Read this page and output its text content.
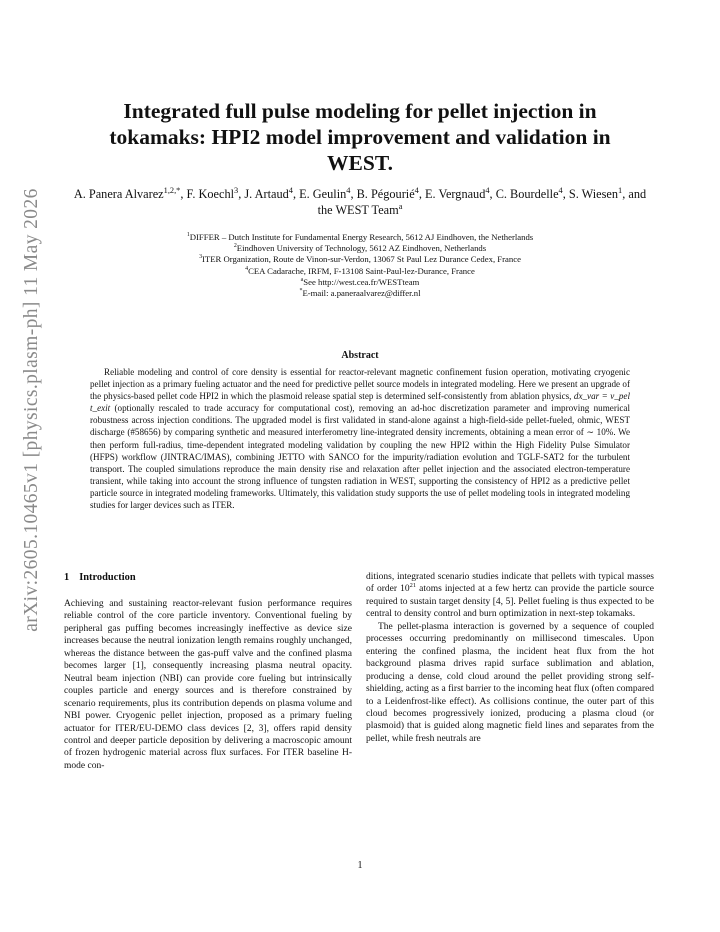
arXiv:2605.10465v1 [physics.plasm-ph] 11 May 2026
Integrated full pulse modeling for pellet injection in tokamaks: HPI2 model improvement and validation in WEST.
A. Panera Alvarez$^{1,2,*}$, F. Koechl$^3$, J. Artaud$^4$, E. Geulin$^4$, B. Pégourié$^4$, E. Vergnaud$^4$, C. Bourdelle$^4$, S. Wiesen$^1$, and the WEST Team$^a$
$^1$DIFFER – Dutch Institute for Fundamental Energy Research, 5612 AJ Eindhoven, the Netherlands
$^2$Eindhoven University of Technology, 5612 AZ Eindhoven, Netherlands
$^3$ITER Organization, Route de Vinon-sur-Verdon, 13067 St Paul Lez Durance Cedex, France
$^4$CEA Cadarache, IRFM, F-13108 Saint-Paul-lez-Durance, France
$^a$See http://west.cea.fr/WESTteam
*E-mail: a.paneraalvarez@differ.nl
Abstract
Reliable modeling and control of core density is essential for reactor-relevant magnetic confinement fusion operation, motivating cryogenic pellet injection as a primary fueling actuator and the need for predictive pellet source models in integrated modeling. Here we present an upgrade of the physics-based pellet code HPI2 in which the plasmoid release spatial step is determined self-consistently from ablation physics, dx_var = v_pel t_exit (optionally rescaled to trade accuracy for computational cost), removing an ad-hoc discretization parameter and improving numerical robustness across injection conditions. The upgraded model is first validated in stand-alone against a high-field-side pellet-fueled, ohmic, WEST discharge (#58656) by comparing synthetic and measured interferometry line-integrated density increments, obtaining a mean error of ∼ 10%. We then perform full-radius, time-dependent integrated modeling validation by coupling the new HPI2 within the High Fidelity Pulse Simulator (HFPS) workflow (JINTRAC/IMAS), combining JETTO with SANCO for the impurity/radiation evolution and TGLF-SAT2 for the turbulent transport. The coupled simulations reproduce the main density rise and relaxation after pellet injection and the associated electron-temperature transient, while taking into account the strong influence of tungsten radiation in WEST, supporting the consistency of HPI2 as a predictive pellet particle source in integrated modeling frameworks. Ultimately, this validation study supports the use of pellet modeling tools in integrated modeling studies for larger devices such as ITER.
1 Introduction

Achieving and sustaining reactor-relevant fusion performance requires reliable control of the core particle inventory. Conventional fueling by peripheral gas puffing becomes increasingly ineffective as device size increases because the neutral ionization length remains roughly unchanged, whereas the distance between the gas-puff valve and the confined plasma becomes larger [1], consequently increasing plasma neutral opacity. Neutral beam injection (NBI) can provide core fueling but intrinsically couples particle and energy sources and is therefore constrained by scenario requirements, plus its contribution depends on plasma volume and NBI power. Cryogenic pellet injection, proposed as a primary fueling actuator for ITER/EU-DEMO class devices [2, 3], offers rapid density control and deeper particle deposition by delivering a macroscopic amount of frozen hydrogenic material across flux surfaces. For ITER baseline H-mode con-

ditions, integrated scenario studies indicate that pellets with typical masses of order $10^{21}$ atoms injected at a few hertz can provide the particle source required to sustain target density [4, 5]. Pellet fueling is thus expected to be central to density control and burn optimization in next-step tokamaks.

The pellet-plasma interaction is governed by a sequence of coupled processes occurring predominantly on millisecond timescales. Upon entering the confined plasma, the incident heat flux from the hot background plasma drives rapid surface sublimation and ablation, producing a dense, cold cloud around the pellet providing strong self-shielding, acting as a first barrier to the incoming heat flux (often compared to a Leidenfrost-like effect). As collisions continue, the outer part of this cloud becomes progressively ionized, producing a plasma cloud (or plasmoid) that is guided along magnetic field lines and separates from the pellet, while fresh neutrals are

1
